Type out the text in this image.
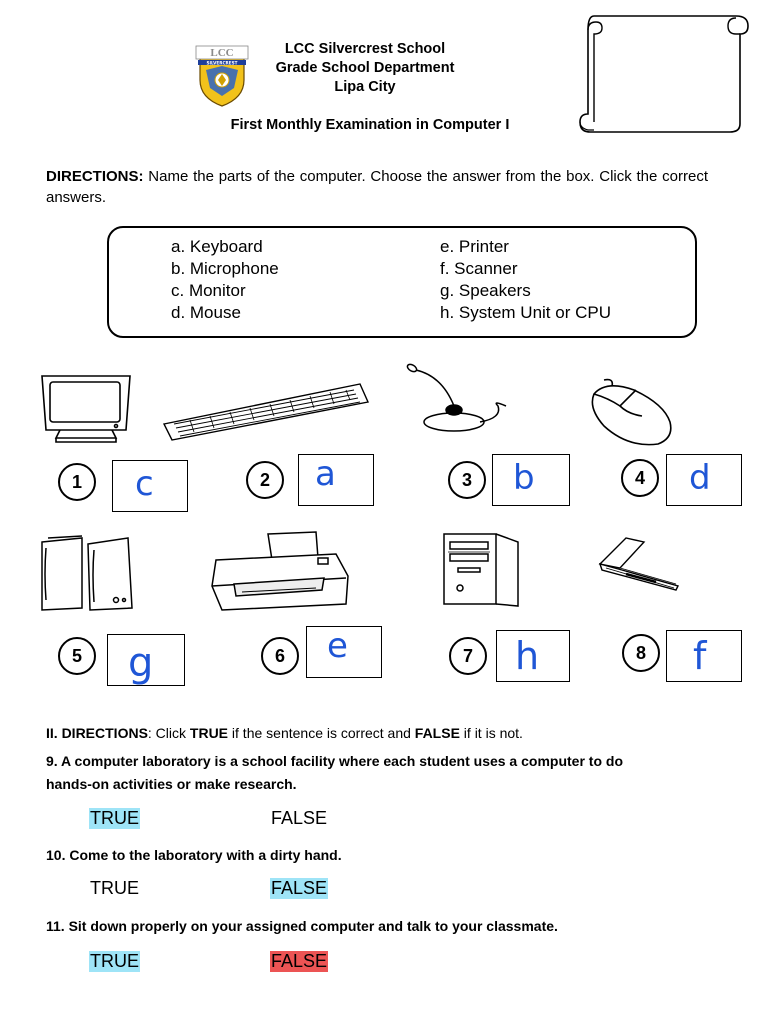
LCC
SILVERCREST
LCC Silvercrest School
Grade School Department
Lipa City
First Monthly Examination in Computer I
DIRECTIONS: Name the parts of the computer. Choose the answer from the box. Click the correct answers.
a. Keyboard
b. Microphone
c. Monitor
d. Mouse
e. Printer
f. Scanner
g. Speakers
h. System Unit or CPU
1	c	2	a	3	b	4	d
5	g	6	e	7	h	8	f
II. DIRECTIONS: Click TRUE if the sentence is correct and FALSE if it is not.
9. A computer laboratory is a school facility where each student uses a computer to do hands-on activities or make research.
TRUE	FALSE
10. Come to the laboratory with a dirty hand.
TRUE	FALSE
11. Sit down properly on your assigned computer and talk to your classmate.
TRUE	FALSE
